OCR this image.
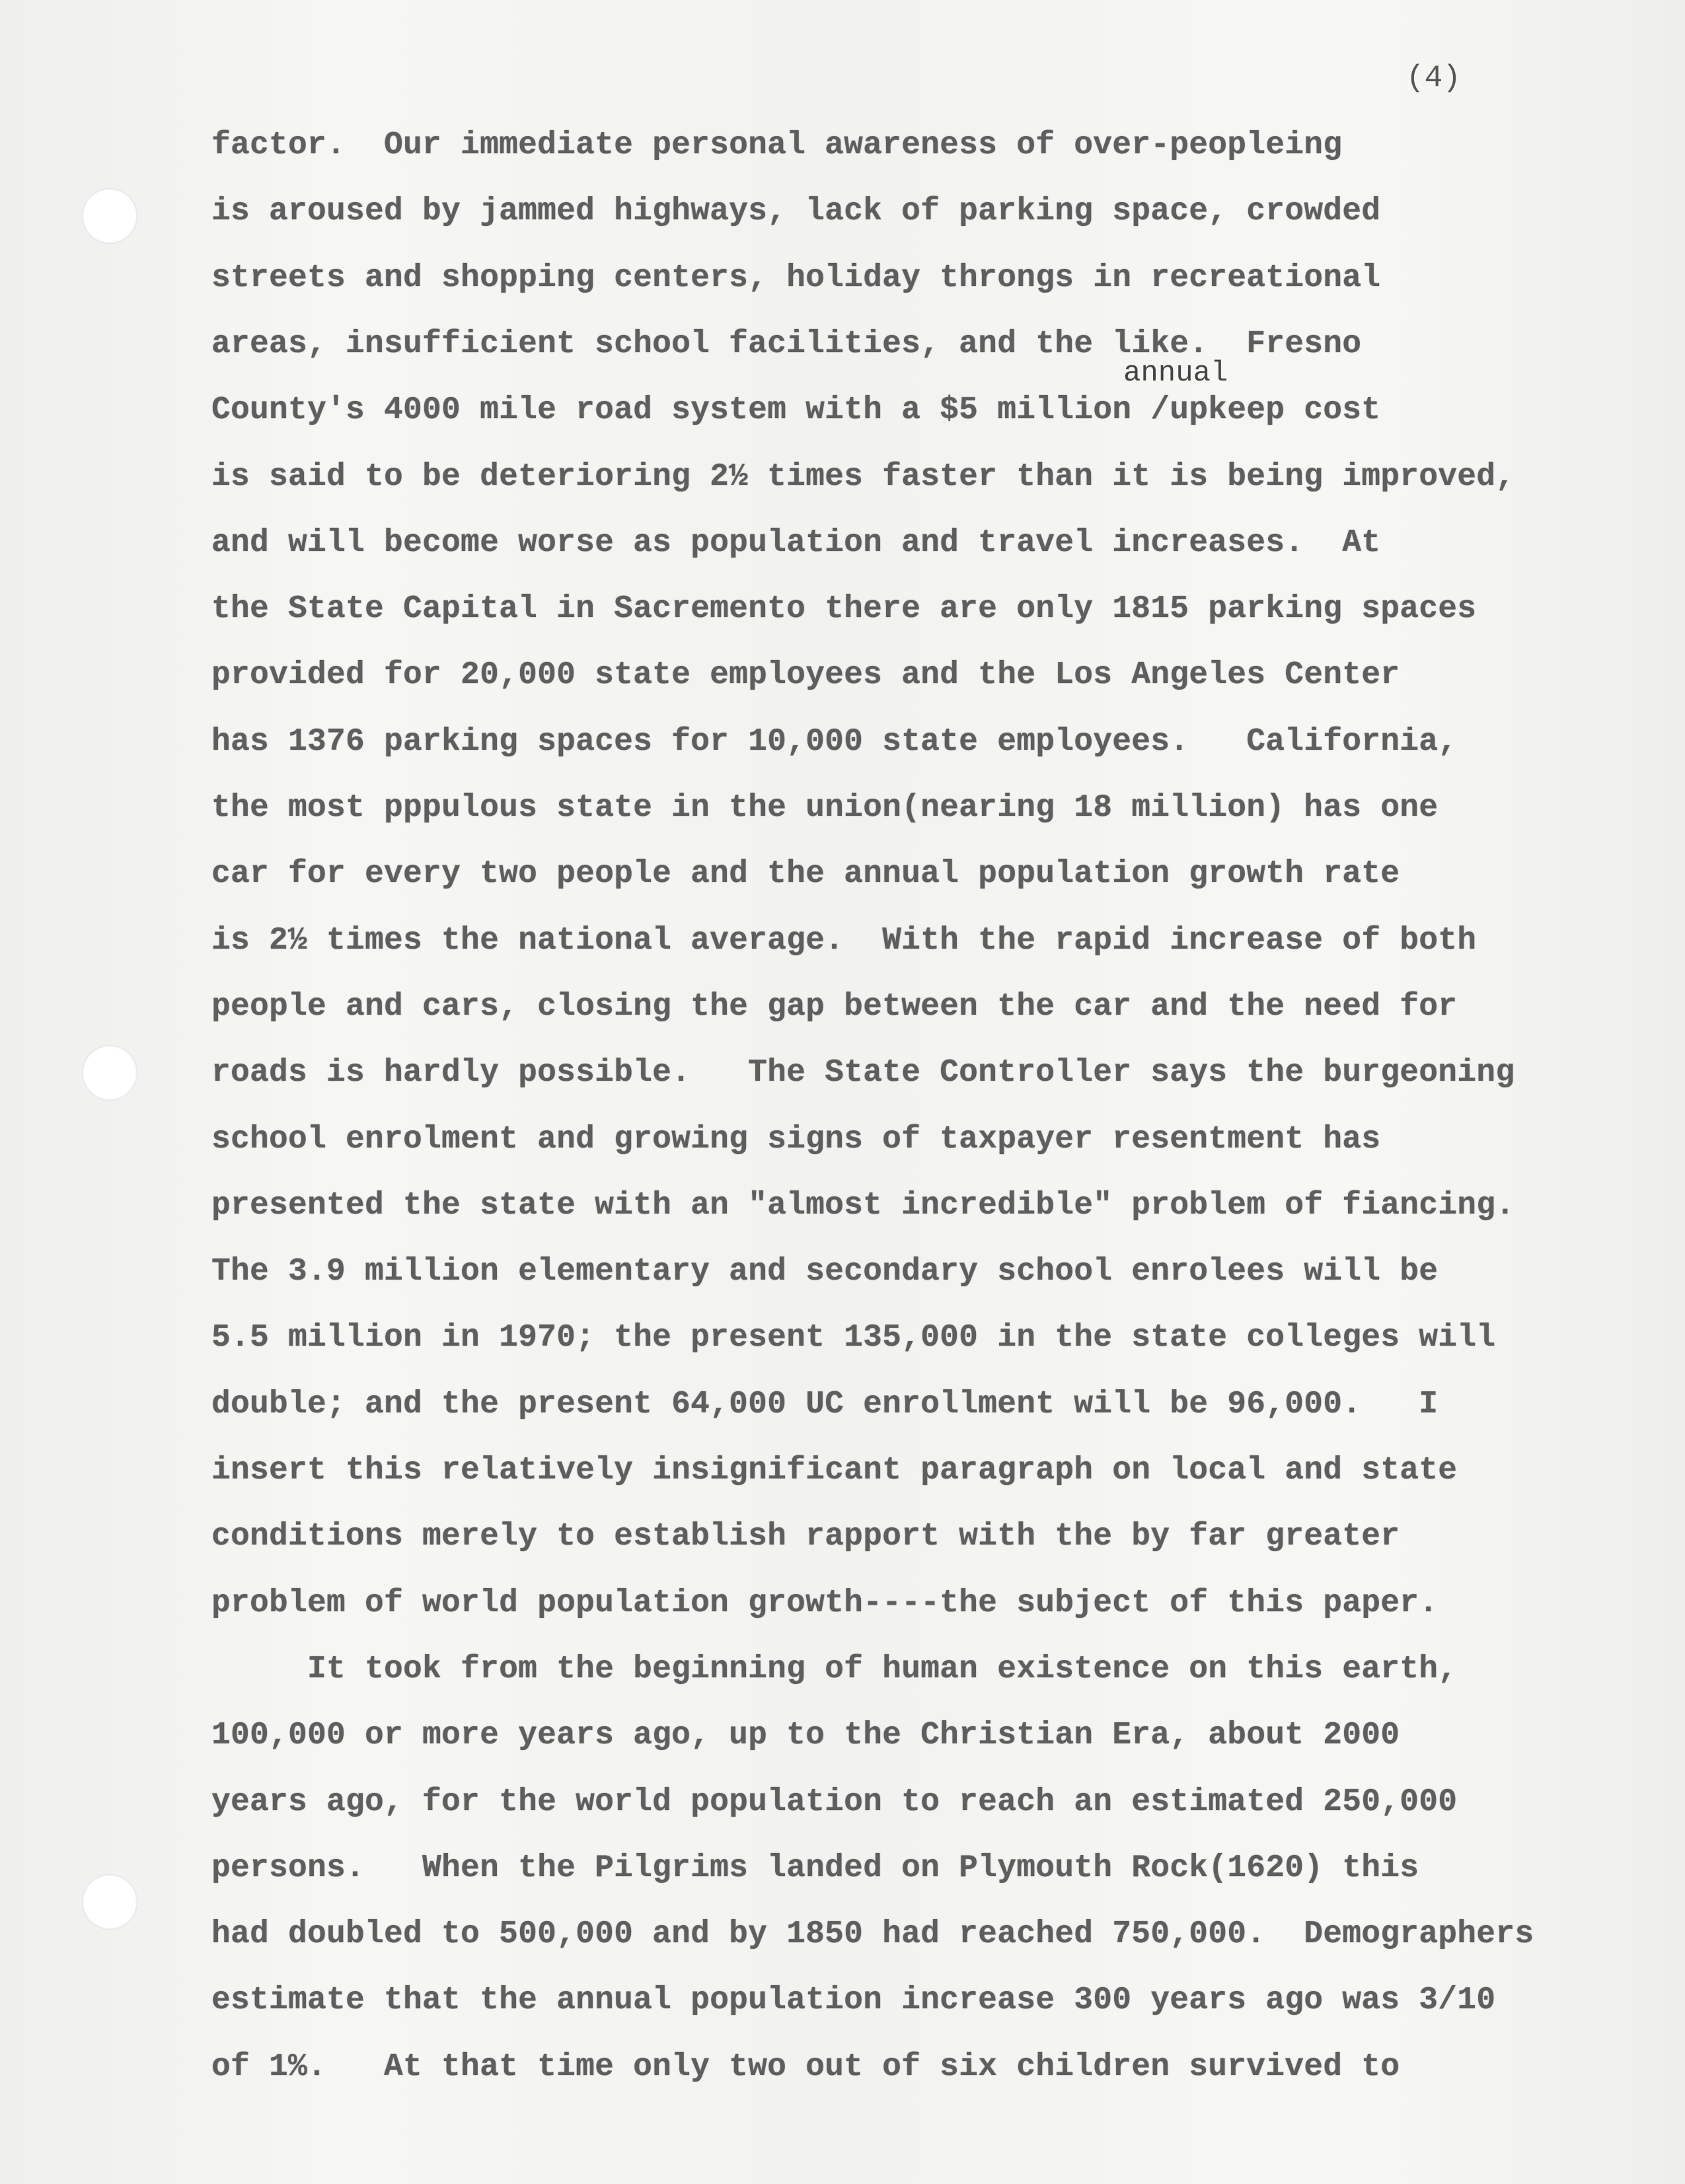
(4)
annual
factor.  Our immediate personal awareness of over-peopleing
is aroused by jammed highways, lack of parking space, crowded
streets and shopping centers, holiday throngs in recreational
areas, insufficient school facilities, and the like.  Fresno
County's 4000 mile road system with a $5 million /upkeep cost
is said to be deterioring 2½ times faster than it is being improved,
and will become worse as population and travel increases.  At
the State Capital in Sacremento there are only 1815 parking spaces
provided for 20,000 state employees and the Los Angeles Center
has 1376 parking spaces for 10,000 state employees.   California,
the most pppulous state in the union(nearing 18 million) has one
car for every two people and the annual population growth rate
is 2½ times the national average.  With the rapid increase of both
people and cars, closing the gap between the car and the need for
roads is hardly possible.   The State Controller says the burgeoning
school enrolment and growing signs of taxpayer resentment has
presented the state with an "almost incredible" problem of fiancing.
The 3.9 million elementary and secondary school enrolees will be
5.5 million in 1970; the present 135,000 in the state colleges will
double; and the present 64,000 UC enrollment will be 96,000.   I
insert this relatively insignificant paragraph on local and state
conditions merely to establish rapport with the by far greater
problem of world population growth----the subject of this paper.
It took from the beginning of human existence on this earth,
100,000 or more years ago, up to the Christian Era, about 2000
years ago, for the world population to reach an estimated 250,000
persons.   When the Pilgrims landed on Plymouth Rock(1620) this
had doubled to 500,000 and by 1850 had reached 750,000.  Demographers
estimate that the annual population increase 300 years ago was 3/10
of 1%.   At that time only two out of six children survived to
